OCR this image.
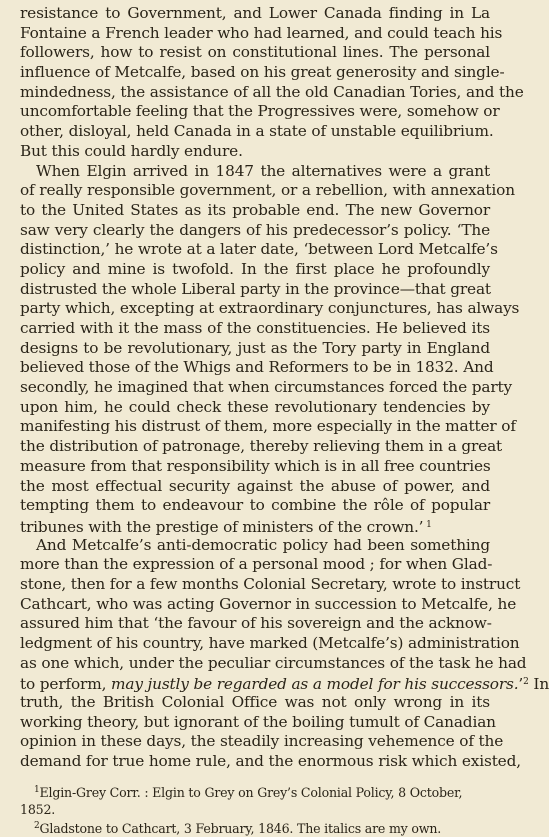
resistance to Government, and Lower Canada finding in La
Fontaine a French leader who had learned, and could teach his
followers, how to resist on constitutional lines. The personal
influence of Metcalfe, based on his great generosity and single-
mindedness, the assistance of all the old Canadian Tories, and the
uncomfortable feeling that the Progressives were, somehow or
other, disloyal, held Canada in a state of unstable equilibrium.
But this could hardly endure.
When Elgin arrived in 1847 the alternatives were a grant
of really responsible government, or a rebellion, with annexation
to the United States as its probable end. The new Governor
saw very clearly the dangers of his predecessor’s policy. ‘The
distinction,’ he wrote at a later date, ‘between Lord Metcalfe’s
policy and mine is twofold. In the first place he profoundly
distrusted the whole Liberal party in the province—that great
party which, excepting at extraordinary conjunctures, has always
carried with it the mass of the constituencies. He believed its
designs to be revolutionary, just as the Tory party in England
believed those of the Whigs and Reformers to be in 1832. And
secondly, he imagined that when circumstances forced the party
upon him, he could check these revolutionary tendencies by
manifesting his distrust of them, more especially in the matter of
the distribution of patronage, thereby relieving them in a great
measure from that responsibility which is in all free countries
the most effectual security against the abuse of power, and
tempting them to endeavour to combine the rôle of popular
tribunes with the prestige of ministers of the crown.’ $^1$
And Metcalfe’s anti-democratic policy had been something
more than the expression of a personal mood ; for when Glad-
stone, then for a few months Colonial Secretary, wrote to instruct
Cathcart, who was acting Governor in succession to Metcalfe, he
assured him that ‘the favour of his sovereign and the acknow-
ledgment of his country, have marked (Metcalfe’s) administration
as one which, under the peculiar circumstances of the task he had
to perform, may justly be regarded as a model for his successors.’$^2$ In
truth, the British Colonial Office was not only wrong in its
working theory, but ignorant of the boiling tumult of Canadian
opinion in these days, the steadily increasing vehemence of the
demand for true home rule, and the enormous risk which existed,
$^1$Elgin-Grey Corr. : Elgin to Grey on Grey’s Colonial Policy, 8 October,
1852.
$^2$Gladstone to Cathcart, 3 February, 1846. The italics are my own.
